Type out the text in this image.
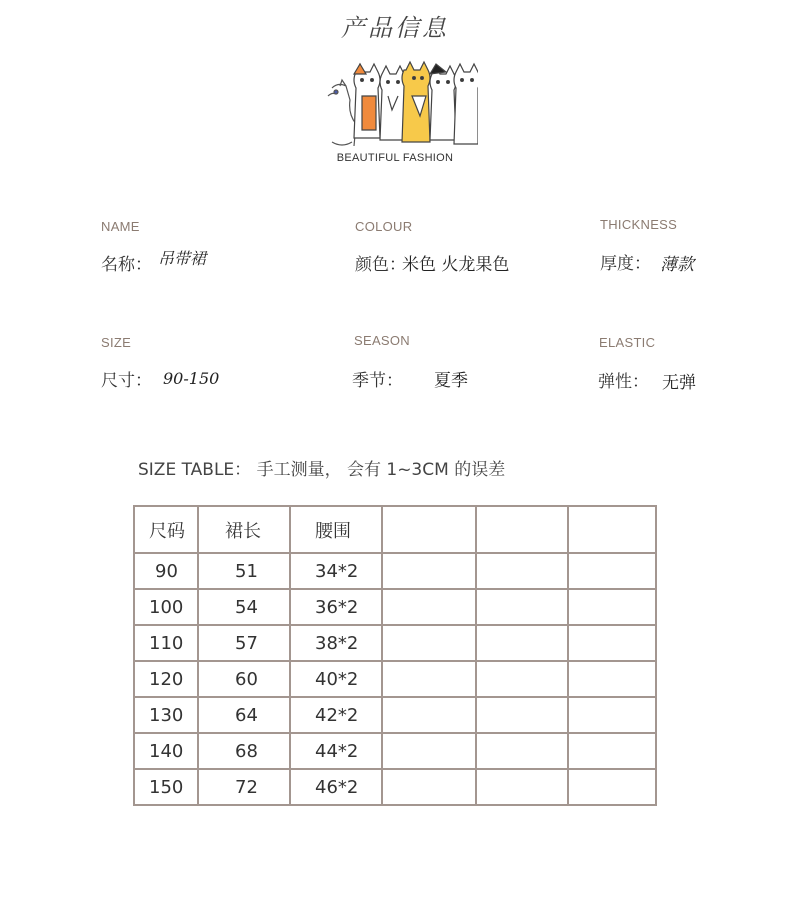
产品信息
BEAUTIFUL FASHION
NAME
名称： 吊带裙
COLOUR
颜色：
米色 火龙果色
THICKNESS
厚度： 薄款
SIZE
尺寸： 90-150
SEASON
季节： 夏季
ELASTIC
弹性： 无弹
SIZE TABLE： 手工测量， 会有 1~3CM 的误差
尺码	裙长	腰围			
90	51	34*2			
100	54	36*2			
110	57	38*2			
120	60	40*2			
130	64	42*2			
140	68	44*2			
150	72	46*2			
